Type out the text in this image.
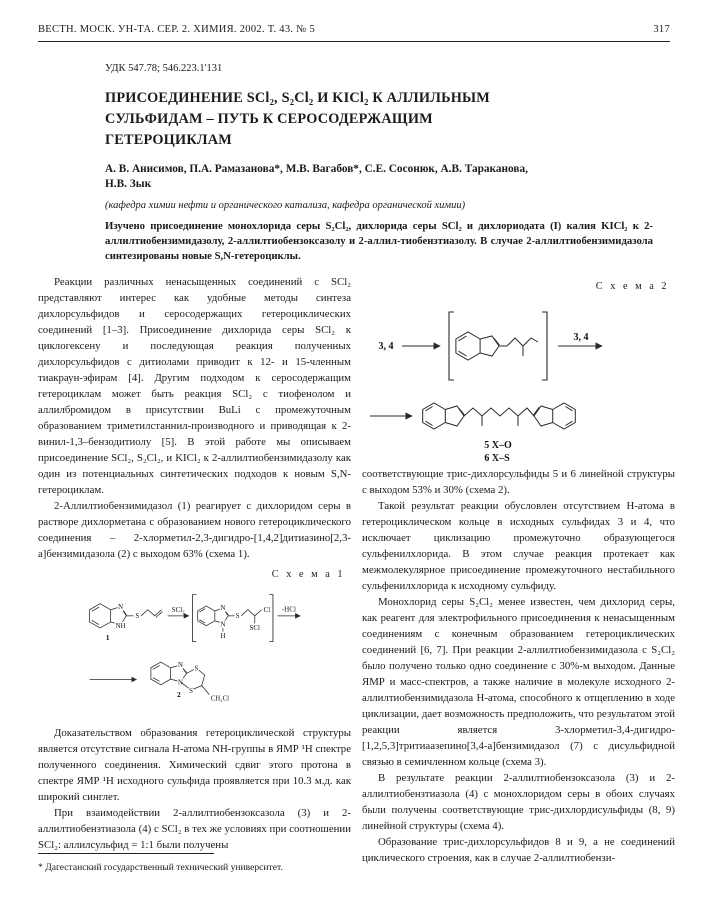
ВЕСТН. МОСК. УН-ТА. СЕР. 2. ХИМИЯ. 2002. Т. 43. № 5	317
УДК 547.78; 546.223.1'131
ПРИСОЕДИНЕНИЕ SCl₂, S₂Cl₂ И KICl₂ К АЛЛИЛЬНЫМ
СУЛЬФИДАМ – ПУТЬ К СЕРОСОДЕРЖАЩИМ
ГЕТЕРОЦИКЛАМ
А. В. Анисимов, П.А. Рамазанова*, М.В. Вагабов*, С.Е. Сосонюк, А.В. Тараканова,
Н.В. Зык
(кафедра химии нефти и органического катализа, кафедра органической химии)
Изучено присоединение монохлорида серы S₂Cl₂, дихлорида серы SCl₂ и дихлориодата (I) калия KICl₂ к 2-аллилтиобензимидазолу, 2-аллилтиобензоксазолу и 2-аллил-тиобензтиазолу. В случае 2-аллилтиобензимидазола синтезированы новые S,N-гетероциклы.

Реакции различных ненасыщенных соединений с SCl₂ представляют интерес как удобные методы синтеза дихлорсульфидов и серосодержащих гетероциклических соединений [1–3]. Присоединение дихлорида серы SCl₂ к циклогексену и последующая реакция полученных дихлорсульфидов с дитиолами приводит к 12- и 15-членным тиакраун-эфирам [4]. Другим подходом к серосодержащим гетероциклам может быть реакция SCl₂ с тиофенолом и аллилбромидом в присутствии BuLi с промежуточным образованием триметилстаннил-производного и приводящая к 2-винил-1,3–бензодитиолу [5]. В этой работе мы описываем присоединение SCl₂, S₂Cl₂, и KICl₂ к 2-аллилтиобензимидазолу как один из потенциальных синтетических подходов к новым S,N-гетероциклам.

2-Аллилтиобензимидазол (1) реагирует с дихлоридом серы в растворе дихлорметана с образованием нового гетероциклического соединения – 2-хлорметил-2,3-дигидро-[1,4,2]дитиазино[2,3-а]бензимидазола (2) с выходом 63% (схема 1).

С х е м а 1
N
NH
S
1
SCl₂	N
N
H
S
SCl
Cl -HCl
N
N
S
S
CH₂Cl
2

Доказательством образования гетероциклической структуры является отсутствие сигнала Н-атома NH-группы в ЯМР ¹Н спектре полученного соединения. Химический сдвиг этого протона в спектре ЯМР ¹Н исходного сульфида проявляется при 10.3 м.д. как широкий синглет.

При взаимодействии 2-аллилтиобензоксазола (3) и 2-аллилтиобензтиазола (4) с SCl₂ в тех же условиях при соотношении SCl₂: аллилсульфид = 1:1 были получены

* Дагестанский государственный технический университет.
С х е м а 2
3, 4
3, 4
5 X–O
6 X–S

соответствующие трис-дихлорсульфиды 5 и 6 линейной структуры с выходом 53% и 30% (схема 2).

Такой результат реакции обусловлен отсутствием Н-атома в гетероциклическом кольце в исходных сульфидах 3 и 4, что исключает циклизацию промежуточно образующегося сульфенилхлорида. В этом случае реакция протекает как межмолекулярное присоединение промежуточного нестабильного сульфенилхлорида к исходному сульфиду.

Монохлорид серы S₂Cl₂ менее известен, чем дихлорид серы, как реагент для электрофильного присоединения к ненасыщенным соединениям с конечным образованием гетероциклических соединений [6, 7]. При реакции 2-аллилтиобензимидазола с S₂Cl₂ было получено только одно соединение с 30%-м выходом. Данные ЯМР и масс-спектров, а также наличие в молекуле исходного 2-аллилтиобензимидазола Н-атома, способного к отщеплению в ходе циклизации, дает возможность предположить, что результатом этой реакции является 3-хлорметил-3,4-дигидро-[1,2,5,3]тритиаазепино[3,4-а]бензимидазол (7) с дисульфидной связью в семичленном кольце (схема 3).

В результате реакции 2-аллилтиобензоксазола (3) и 2-аллилтиобензтиазола (4) с монохлоридом серы в обоих случаях были получены соответствующие трис-дихлордисульфиды (8, 9) линейной структуры (схема 4).

Образование трис-дихлорсульфидов 8 и 9, а не соединений циклического строения, как в случае 2-аллилтиобензи-
